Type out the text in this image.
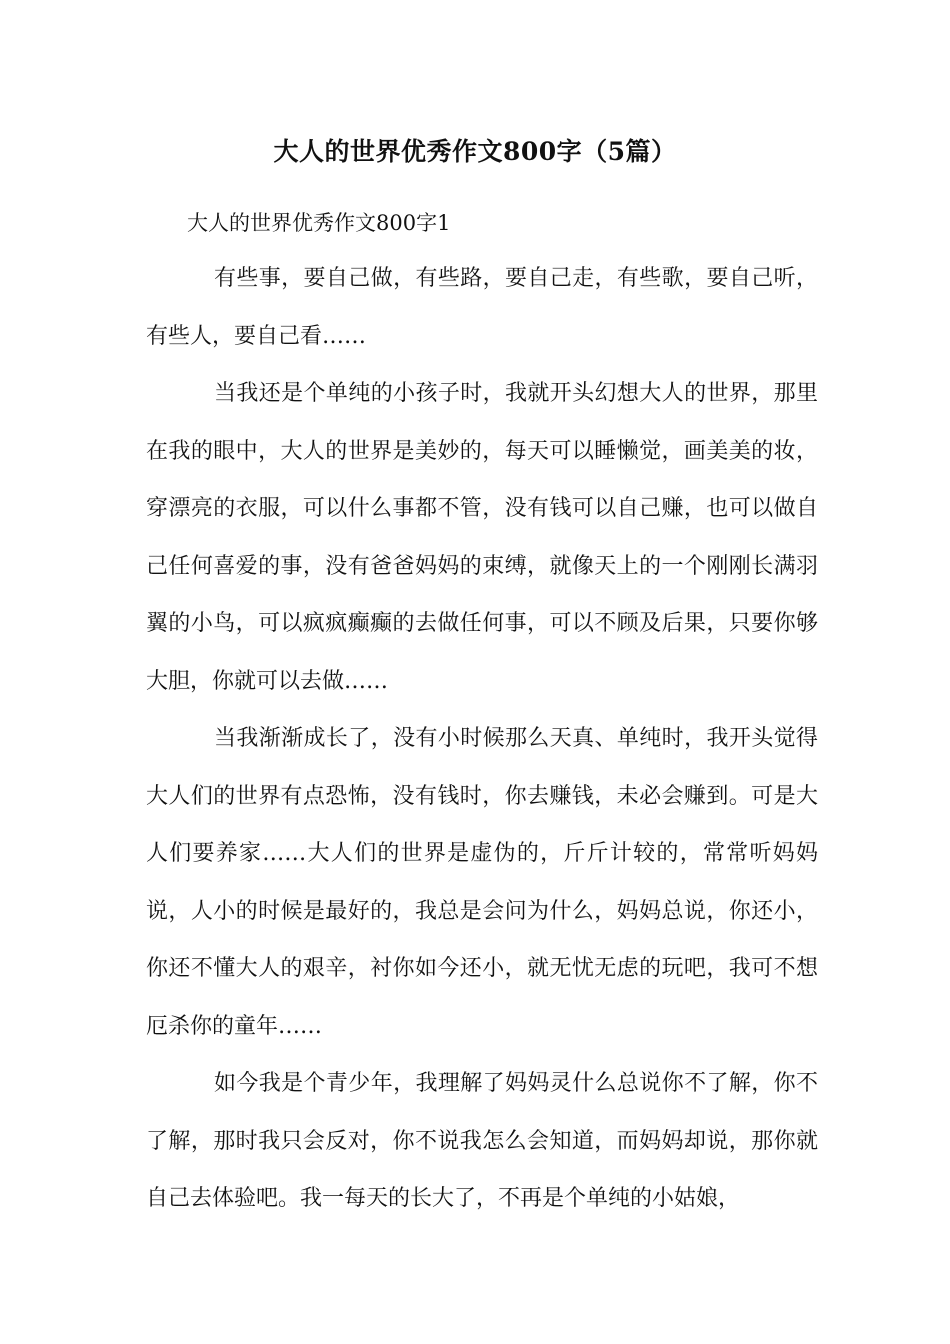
大人的世界优秀作文800字（5篇）
大人的世界优秀作文800字1

有些事，要自己做，有些路，要自己走，有些歌，要自己听，有些人，要自己看……

当我还是个单纯的小孩子时，我就开头幻想大人的世界，那里在我的眼中，大人的世界是美妙的，每天可以睡懒觉，画美美的妆，穿漂亮的衣服，可以什么事都不管，没有钱可以自己赚，也可以做自己任何喜爱的事，没有爸爸妈妈的束缚，就像天上的一个刚刚长满羽翼的小鸟，可以疯疯癫癫的去做任何事，可以不顾及后果，只要你够大胆，你就可以去做……

当我渐渐成长了，没有小时候那么天真、单纯时，我开头觉得大人们的世界有点恐怖，没有钱时，你去赚钱，未必会赚到。可是大人们要养家……大人们的世界是虚伪的，斤斤计较的，常常听妈妈说，人小的时候是最好的，我总是会问为什么，妈妈总说，你还小，你还不懂大人的艰辛，衬你如今还小，就无忧无虑的玩吧，我可不想厄杀你的童年……

如今我是个青少年，我理解了妈妈灵什么总说你不了解，你不了解，那时我只会反对，你不说我怎么会知道，而妈妈却说，那你就自己去体验吧。我一每天的长大了，不再是个单纯的小姑娘，
